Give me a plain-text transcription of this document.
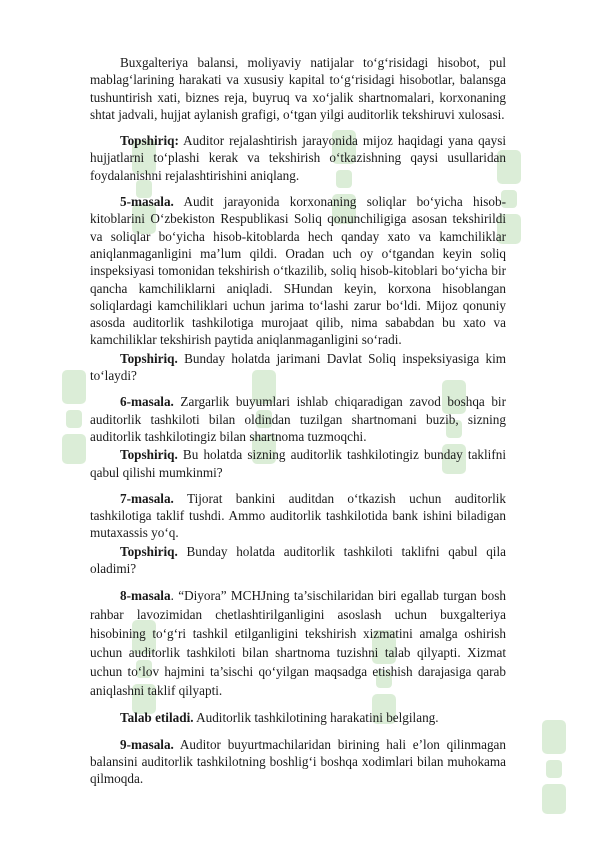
Buxgalteriya balansi, moliyaviy natijalar to‘g‘risidagi hisobot, pul mablag‘larining harakati va xususiy kapital to‘g‘risidagi hisobotlar, balansga tushuntirish xati, biznes reja, buyruq va xo‘jalik shartnomalari, korxonaning shtat jadvali, hujjat aylanish grafigi, o‘tgan yilgi auditorlik tekshiruvi xulosasi.

Topshiriq: Auditor rejalashtirish jarayonida mijoz haqidagi yana qaysi hujjatlarni to‘plashi kerak va tekshirish o‘tkazishning qaysi usullaridan foydalanishni rejalashtirishini aniqlang.

5-masala. Audit jarayonida korxonaning soliqlar bo‘yicha hisob-kitoblarini O‘zbekiston Respublikasi Soliq qonunchiligiga asosan tekshirildi va soliqlar bo‘yicha hisob-kitoblarda hech qanday xato va kamchiliklar aniqlanmaganligini ma’lum qildi. Oradan uch oy o‘tgandan keyin soliq inspeksiyasi tomonidan tekshirish o‘tkazilib, soliq hisob-kitoblari bo‘yicha bir qancha kamchiliklarni aniqladi. SHundan keyin, korxona hisoblangan soliqlardagi kamchiliklari uchun jarima to‘lashi zarur bo‘ldi. Mijoz qonuniy asosda auditorlik tashkilotiga murojaat qilib, nima sababdan bu xato va kamchiliklar tekshirish paytida aniqlanmaganligini so‘radi.

Topshiriq. Bunday holatda jarimani Davlat Soliq inspeksiyasiga kim to‘laydi?

6-masala. Zargarlik buyumlari ishlab chiqaradigan zavod boshqa bir auditorlik tashkiloti bilan oldindan tuzilgan shartnomani buzib, sizning auditorlik tashkilotingiz bilan shartnoma tuzmoqchi.

Topshiriq. Bu holatda sizning auditorlik tashkilotingiz bunday taklifni qabul qilishi mumkinmi?

7-masala. Tijorat bankini auditdan o‘tkazish uchun auditorlik tashkilotiga taklif tushdi. Ammo auditorlik tashkilotida bank ishini biladigan mutaxassis yo‘q.

Topshiriq. Bunday holatda auditorlik tashkiloti taklifni qabul qila oladimi?

8-masala. “Diyora” MCHJning ta’sischilaridan biri egallab turgan bosh rahbar lavozimidan chetlashtirilganligini asoslash uchun buxgalteriya hisobining to‘g‘ri tashkil etilganligini tekshirish xizmatini amalga oshirish uchun auditorlik tashkiloti bilan shartnoma tuzishni talab qilyapti. Xizmat uchun to‘lov hajmini ta’sischi qo‘yilgan maqsadga etishish darajasiga qarab aniqlashni taklif qilyapti.

Talab etiladi. Auditorlik tashkilotining harakatini belgilang.

9-masala. Auditor buyurtmachilaridan birining hali e’lon qilinmagan balansini auditorlik tashkilotning boshlig‘i boshqa xodimlari bilan muhokama qilmoqda.
